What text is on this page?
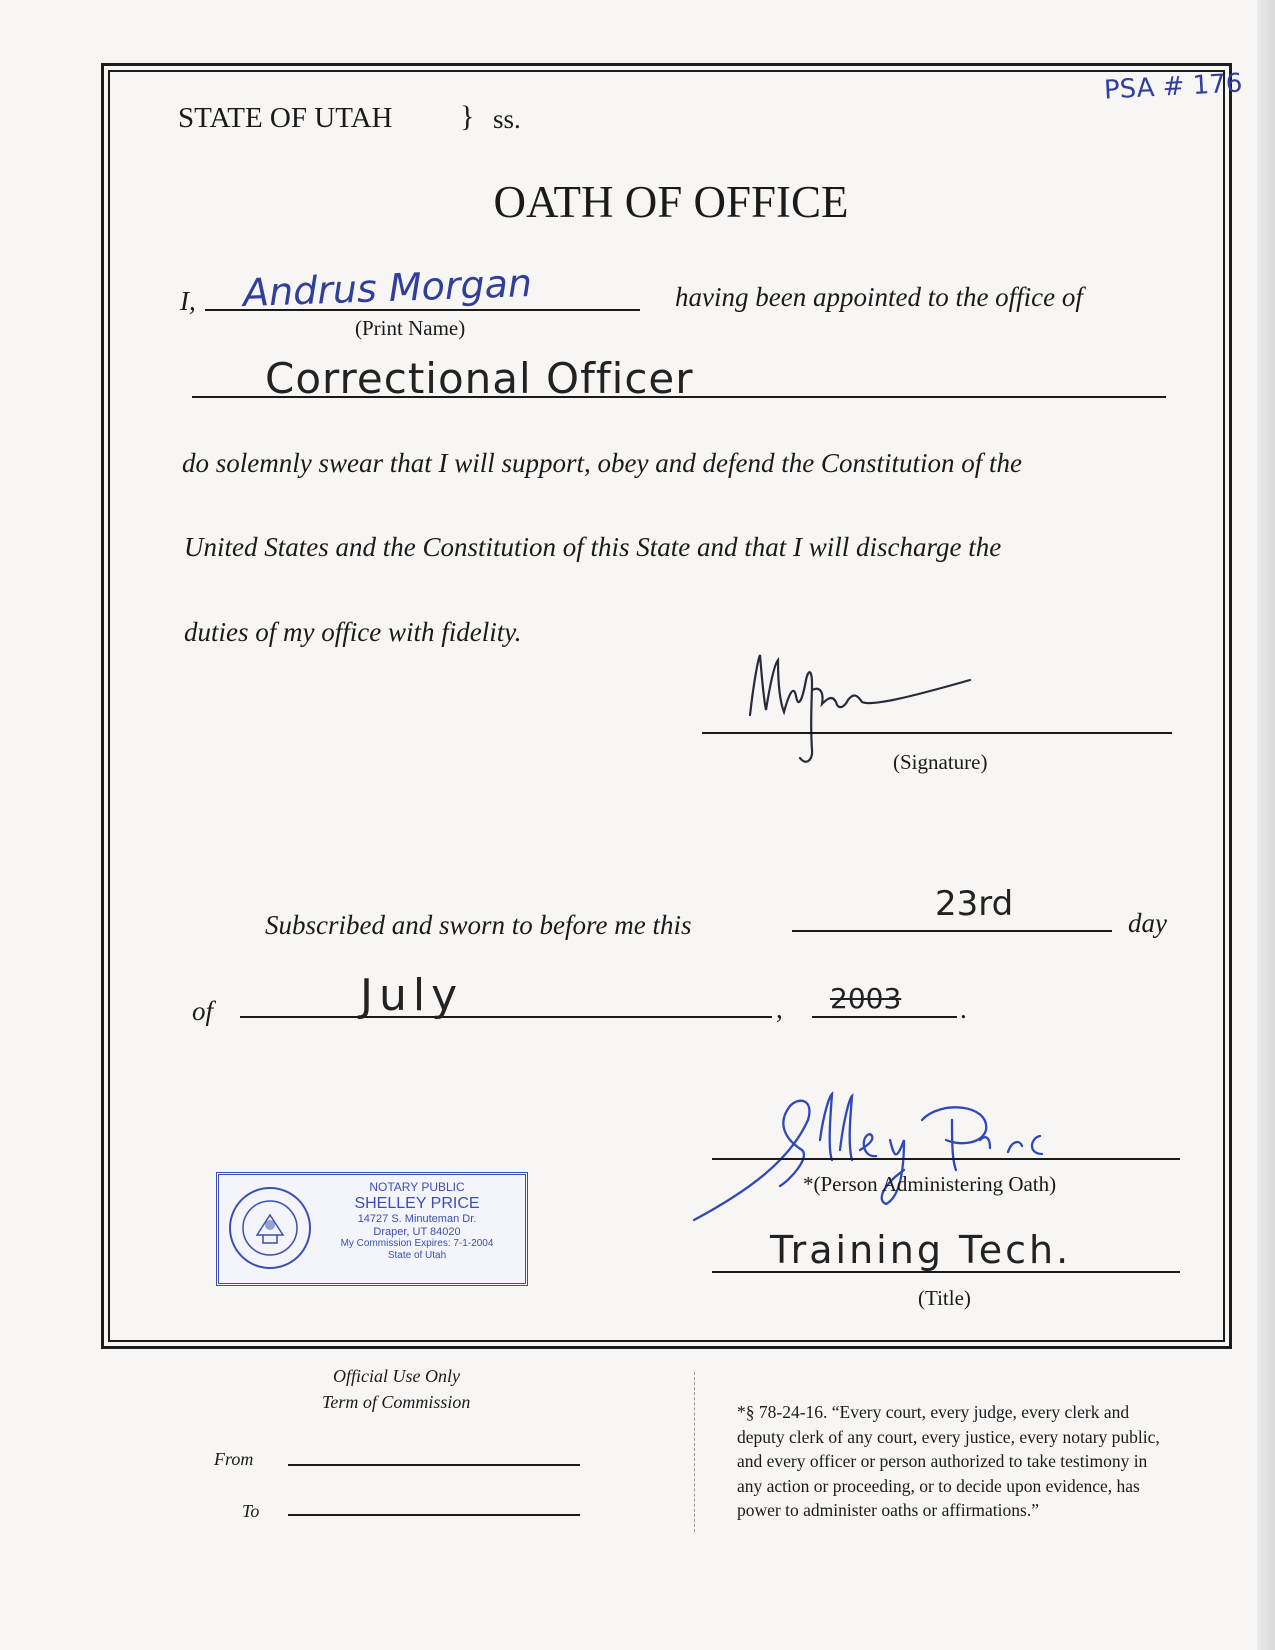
STATE OF UTAH } ss.
PSA # 176
OATH OF OFFICE
I, Andrus Morgan
(Print Name)
having been appointed to the office of
Correctional Officer
do solemnly swear that I will support, obey and defend the Constitution of the
United States and the Constitution of this State and that I will discharge the
duties of my office with fidelity.
(Signature)
Subscribed and sworn to before me this
23rd	day
of	July	, 2003 .
*(Person Administering Oath)
Training Tech.
(Title)
NOTARY PUBLIC
SHELLEY PRICE
14727 S. Minuteman Dr.
Draper, UT 84020
My Commission Expires: 7-1-2004
State of Utah
Official Use Only
Term of Commission
From
To
*§ 78-24-16. “Every court, every judge, every clerk and
deputy clerk of any court, every justice, every notary public,
and every officer or person authorized to take testimony in
any action or proceeding, or to decide upon evidence, has
power to administer oaths or affirmations.”
